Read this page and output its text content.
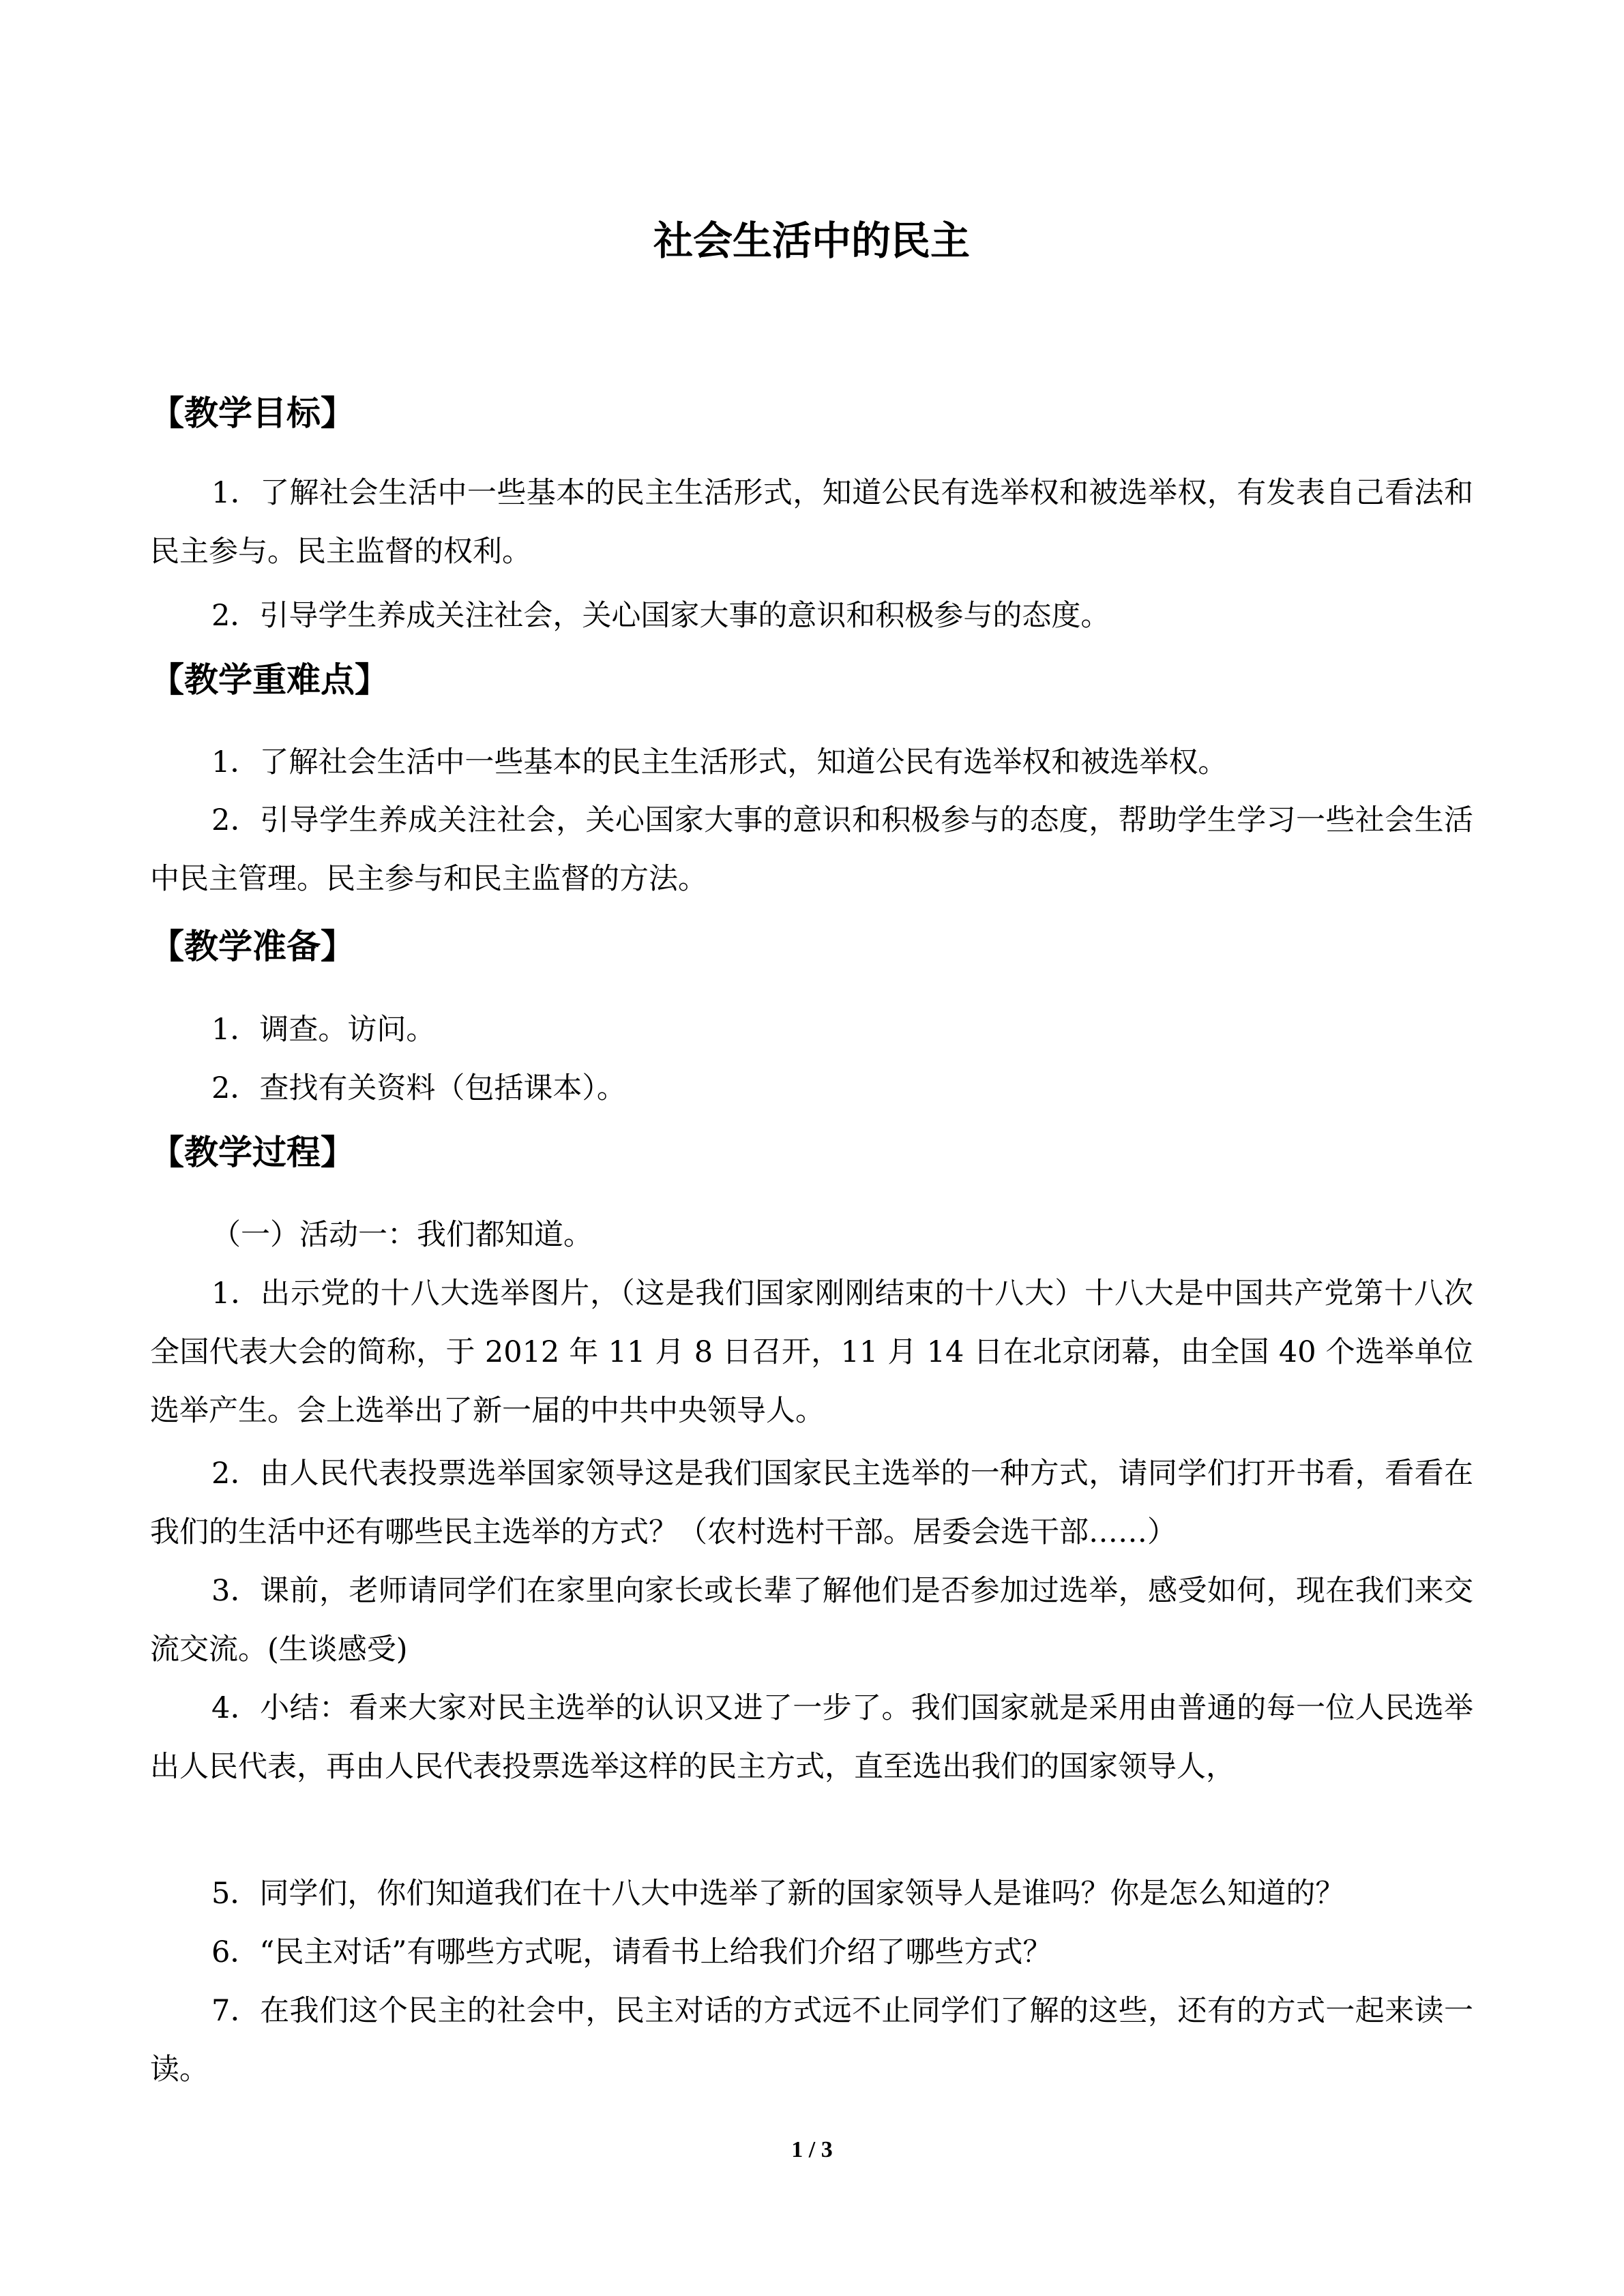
社会生活中的民主
【教学目标】

1．了解社会生活中一些基本的民主生活形式，知道公民有选举权和被选举权，有发表自己看法和民主参与。民主监督的权利。

2．引导学生养成关注社会，关心国家大事的意识和积极参与的态度。

【教学重难点】

1．了解社会生活中一些基本的民主生活形式，知道公民有选举权和被选举权。

2．引导学生养成关注社会，关心国家大事的意识和积极参与的态度，帮助学生学习一些社会生活中民主管理。民主参与和民主监督的方法。

【教学准备】

1．调查。访问。

2．查找有关资料（包括课本）。

【教学过程】

（一）活动一：我们都知道。

1．出示党的十八大选举图片，（这是我们国家刚刚结束的十八大）十八大是中国共产党第十八次全国代表大会的简称，于 2012 年 11 月 8 日召开，11 月 14 日在北京闭幕，由全国 40 个选举单位选举产生。会上选举出了新一届的中共中央领导人。

2．由人民代表投票选举国家领导这是我们国家民主选举的一种方式，请同学们打开书看，看看在我们的生活中还有哪些民主选举的方式？（农村选村干部。居委会选干部……）

3．课前，老师请同学们在家里向家长或长辈了解他们是否参加过选举，感受如何，现在我们来交流交流。(生谈感受)

4．小结：看来大家对民主选举的认识又进了一步了。我们国家就是采用由普通的每一位人民选举出人民代表，再由人民代表投票选举这样的民主方式，直至选出我们的国家领导人，

5．同学们，你们知道我们在十八大中选举了新的国家领导人是谁吗？你是怎么知道的？

6．“民主对话”有哪些方式呢，请看书上给我们介绍了哪些方式？

7．在我们这个民主的社会中，民主对话的方式远不止同学们了解的这些，还有的方式一起来读一读。

1 / 3
